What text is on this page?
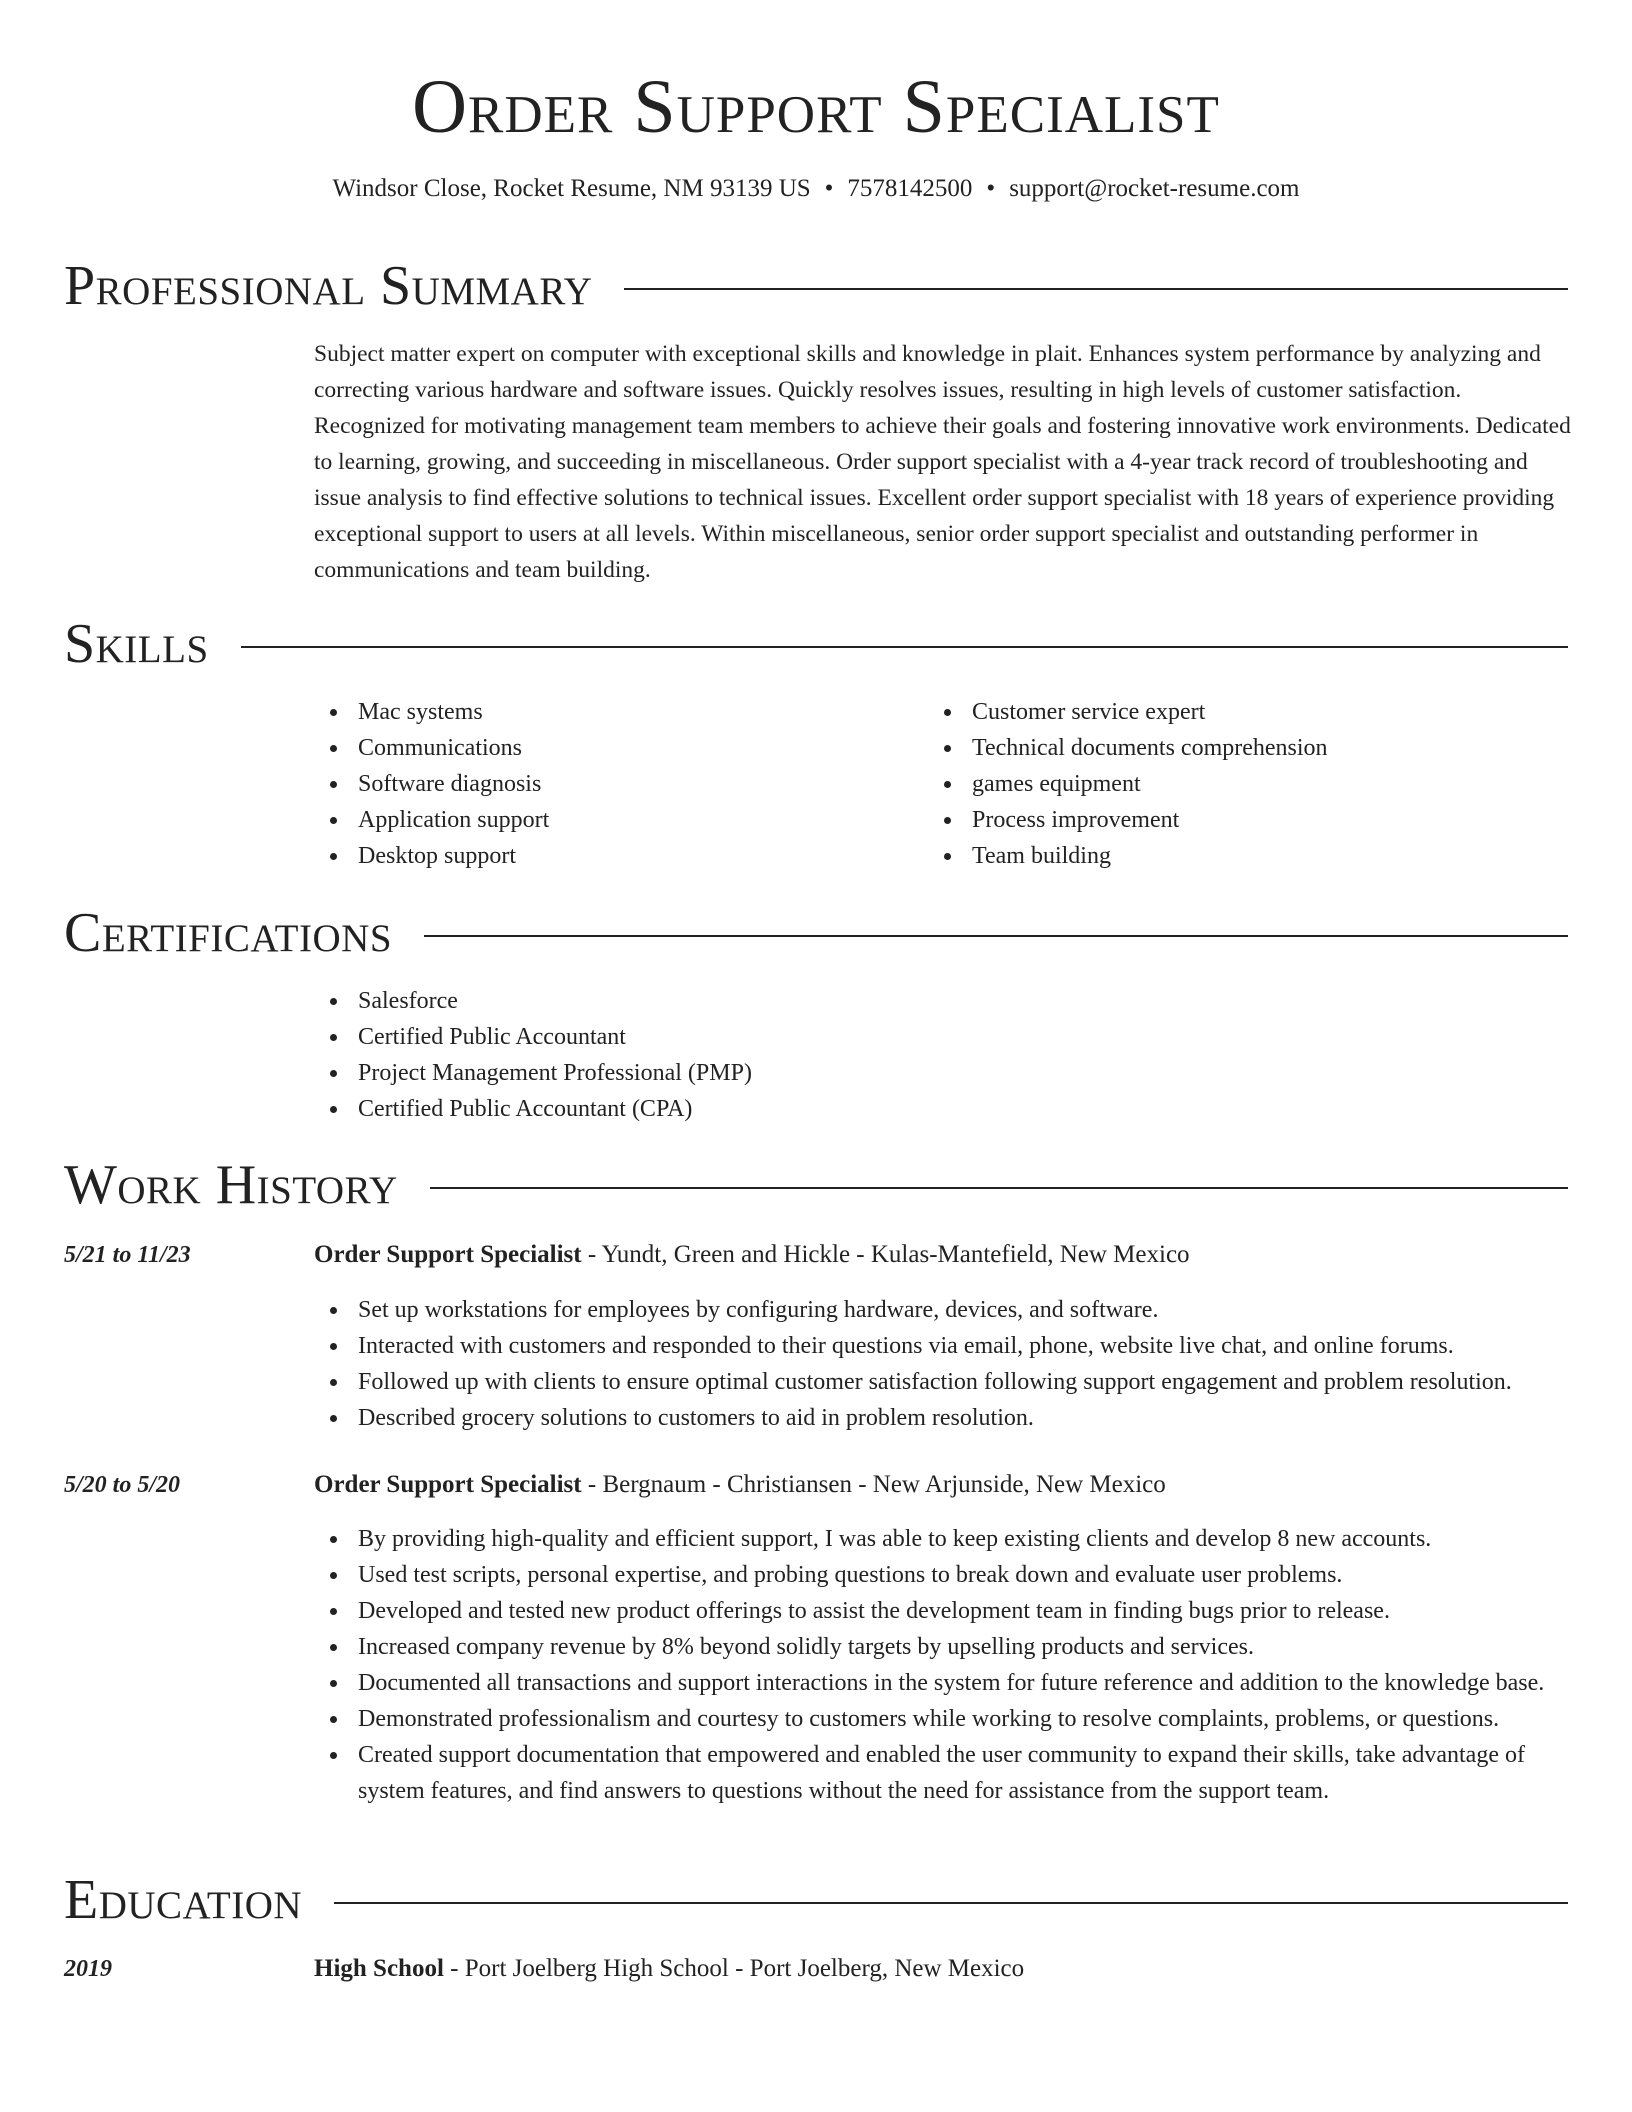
Order Support Specialist
Windsor Close, Rocket Resume, NM 93139 US • 7578142500 • support@rocket-resume.com
Professional Summary

Subject matter expert on computer with exceptional skills and knowledge in plait. Enhances system performance by analyzing and correcting various hardware and software issues. Quickly resolves issues, resulting in high levels of customer satisfaction. Recognized for motivating management team members to achieve their goals and fostering innovative work environments. Dedicated to learning, growing, and succeeding in miscellaneous. Order support specialist with a 4-year track record of troubleshooting and issue analysis to find effective solutions to technical issues. Excellent order support specialist with 18 years of experience providing exceptional support to users at all levels. Within miscellaneous, senior order support specialist and outstanding performer in communications and team building.

Skills
Mac systems
Communications
Software diagnosis
Application support
Desktop support
Customer service expert
Technical documents comprehension
games equipment
Process improvement
Team building
Certifications
Salesforce
Certified Public Accountant
Project Management Professional (PMP)
Certified Public Accountant (CPA)
Work History
5/21 to 11/23	Order Support Specialist - Yundt, Green and Hickle - Kulas-Mantefield, New Mexico
Set up workstations for employees by configuring hardware, devices, and software.
Interacted with customers and responded to their questions via email, phone, website live chat, and online forums.
Followed up with clients to ensure optimal customer satisfaction following support engagement and problem resolution.
Described grocery solutions to customers to aid in problem resolution.
5/20 to 5/20	Order Support Specialist - Bergnaum - Christiansen - New Arjunside, New Mexico
By providing high-quality and efficient support, I was able to keep existing clients and develop 8 new accounts.
Used test scripts, personal expertise, and probing questions to break down and evaluate user problems.
Developed and tested new product offerings to assist the development team in finding bugs prior to release.
Increased company revenue by 8% beyond solidly targets by upselling products and services.
Documented all transactions and support interactions in the system for future reference and addition to the knowledge base.
Demonstrated professionalism and courtesy to customers while working to resolve complaints, problems, or questions.
Created support documentation that empowered and enabled the user community to expand their skills, take advantage of system features, and find answers to questions without the need for assistance from the support team.
Education
2019	High School - Port Joelberg High School - Port Joelberg, New Mexico
